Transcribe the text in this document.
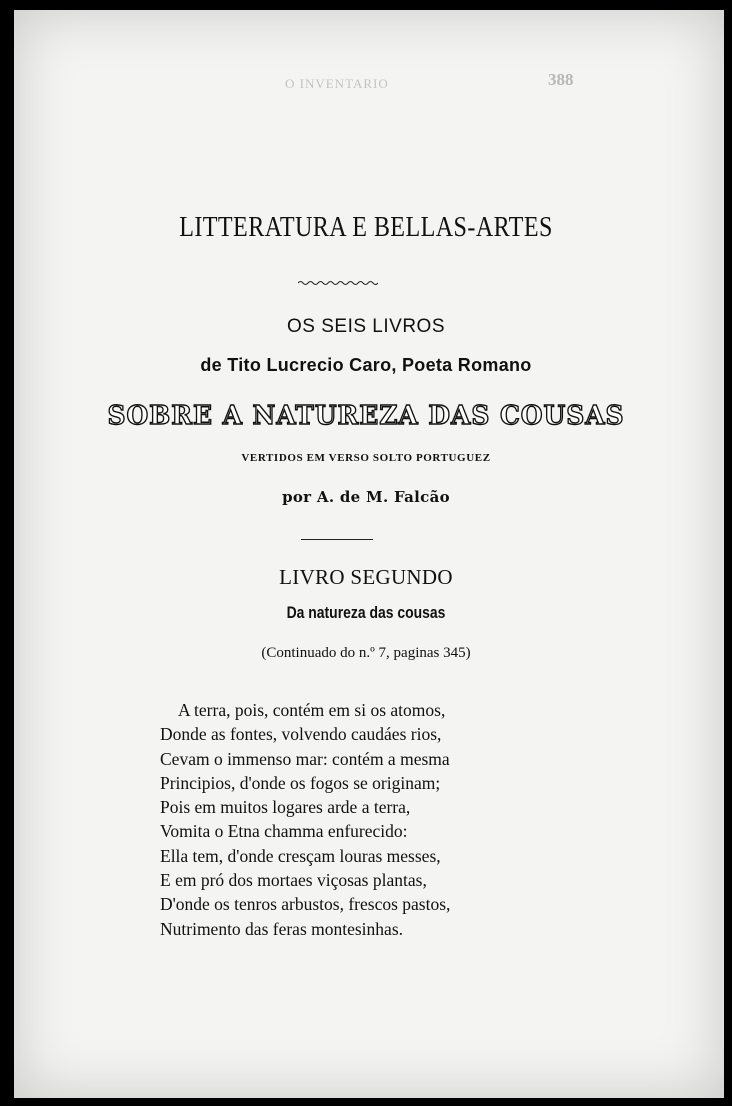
O INVENTARIO	388
LITTERATURA E BELLAS-ARTES
OS SEIS LIVROS
de Tito Lucrecio Caro, Poeta Romano
SOBRE A NATUREZA DAS COUSAS
VERTIDOS EM VERSO SOLTO PORTUGUEZ
por A. de M. Falcão
LIVRO SEGUNDO
Da natureza das cousas
(Continuado do n.º 7, paginas 345)
A terra, pois, contém em si os atomos,
Donde as fontes, volvendo caudáes rios,
Cevam o immenso mar: contém a mesma
Principios, d'onde os fogos se originam;
Pois em muitos logares arde a terra,
Vomita o Etna chamma enfurecido:
Ella tem, d'onde cresçam louras messes,
E em pró dos mortaes viçosas plantas,
D'onde os tenros arbustos, frescos pastos,
Nutrimento das feras montesinhas.
